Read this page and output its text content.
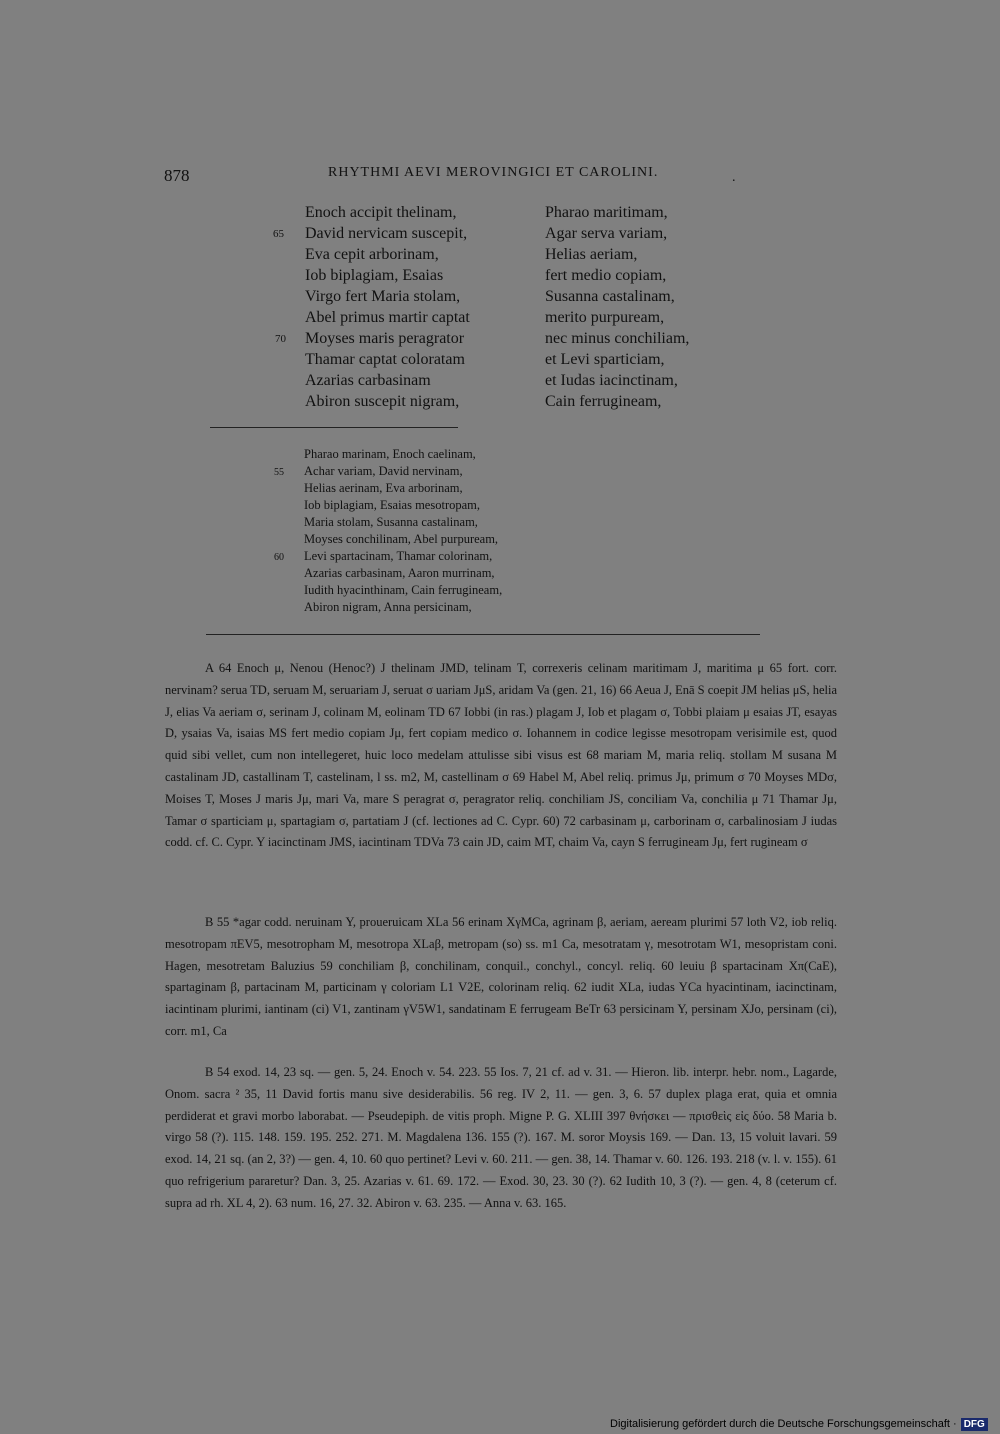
878	RHYTHMI AEVI MEROVINGICI ET CAROLINI.	.
Enoch accipit thelinam,
David nervicam suscepit,
Eva cepit arborinam,
Iob biplagiam, Esaias
Virgo fert Maria stolam,
Abel primus martir captat
Moyses maris peragrator
Thamar captat coloratam
Azarias carbasinam
Abiron suscepit nigram,
Pharao maritimam,
Agar serva variam,
Helias aeriam,
fert medio copiam,
Susanna castalinam,
merito purpuream,
nec minus conchiliam,
et Levi sparticiam,
et Iudas iacinctinam,
Cain ferrugineam,
65
70
Pharao marinam, Enoch caelinam,
Achar variam, David nervinam,
Helias aerinam, Eva arborinam,
Iob biplagiam, Esaias mesotropam,
Maria stolam, Susanna castalinam,
Moyses conchilinam, Abel purpuream,
Levi spartacinam, Thamar colorinam,
Azarias carbasinam, Aaron murrinam,
Iudith hyacinthinam, Cain ferrugineam,
Abiron nigram, Anna persicinam,
55
60

A 64 Enoch μ, Nenou (Henoc?) J thelinam JMD, telinam T, correxeris celinam maritimam J, maritima μ 65 fort. corr. nervinam? serua TD, seruam M, seruariam J, seruat σ uariam JμS, aridam Va (gen. 21, 16) 66 Aeua J, Enā S coepit JM helias μS, helia J, elias Va aeriam σ, serinam J, colinam M, eolinam TD 67 Iobbi (in ras.) plagam J, Iob et plagam σ, Tobbi plaiam μ esaias JT, esayas D, ysaias Va, isaias MS fert medio copiam Jμ, fert copiam medico σ. Iohannem in codice legisse mesotropam verisimile est, quod quid sibi vellet, cum non intellegeret, huic loco medelam attulisse sibi visus est 68 mariam M, maria reliq. stollam M susana M castalinam JD, castallinam T, castelinam, l ss. m2, M, castellinam σ 69 Habel M, Abel reliq. primus Jμ, primum σ 70 Moyses MDσ, Moises T, Moses J maris Jμ, mari Va, mare S peragrat σ, peragrator reliq. conchiliam JS, conciliam Va, conchilia μ 71 Thamar Jμ, Tamar σ sparticiam μ, spartagiam σ, partatiam J (cf. lectiones ad C. Cypr. 60) 72 carbasinam μ, carborinam σ, carbalinosiam J iudas codd. cf. C. Cypr. Y iacinctinam JMS, iacintinam TDVa 73 cain JD, caim MT, chaim Va, cayn S ferrugineam Jμ, fert rugineam σ

B 55 *agar codd. neruinam Y, proueruicam XLa 56 erinam XγMCa, agrinam β, aeriam, aeream plurimi 57 loth V2, iob reliq. mesotropam πEV5, mesotropham M, mesotropa XLaβ, metropam (so) ss. m1 Ca, mesotratam γ, mesotrotam W1, mesopristam coni. Hagen, mesotretam Baluzius 59 conchiliam β, conchilinam, conquil., conchyl., concyl. reliq. 60 leuiu β spartacinam Xπ(CaE), spartaginam β, partacinam M, particinam γ coloriam L1 V2E, colorinam reliq. 62 iudit XLa, iudas YCa hyacintinam, iacinctinam, iacintinam plurimi, iantinam (ci) V1, zantinam γV5W1, sandatinam E ferrugeam BeTr 63 persicinam Y, persinam XJo, persinam (ci), corr. m1, Ca

B 54 exod. 14, 23 sq. — gen. 5, 24. Enoch v. 54. 223. 55 Ios. 7, 21 cf. ad v. 31. — Hieron. lib. interpr. hebr. nom., Lagarde, Onom. sacra ² 35, 11 David fortis manu sive desiderabilis. 56 reg. IV 2, 11. — gen. 3, 6. 57 duplex plaga erat, quia et omnia perdiderat et gravi morbo laborabat. — Pseudepiph. de vitis proph. Migne P. G. XLIII 397 θνήσκει — πρισθεὶς εἰς δύο. 58 Maria b. virgo 58 (?). 115. 148. 159. 195. 252. 271. M. Magdalena 136. 155 (?). 167. M. soror Moysis 169. — Dan. 13, 15 voluit lavari. 59 exod. 14, 21 sq. (an 2, 3?) — gen. 4, 10. 60 quo pertinet? Levi v. 60. 211. — gen. 38, 14. Thamar v. 60. 126. 193. 218 (v. l. v. 155). 61 quo refrigerium pararetur? Dan. 3, 25. Azarias v. 61. 69. 172. — Exod. 30, 23. 30 (?). 62 Iudith 10, 3 (?). — gen. 4, 8 (ceterum cf. supra ad rh. XL 4, 2). 63 num. 16, 27. 32. Abiron v. 63. 235. — Anna v. 63. 165.

Digitalisierung gefördert durch die Deutsche Forschungsgemeinschaft · DFG
